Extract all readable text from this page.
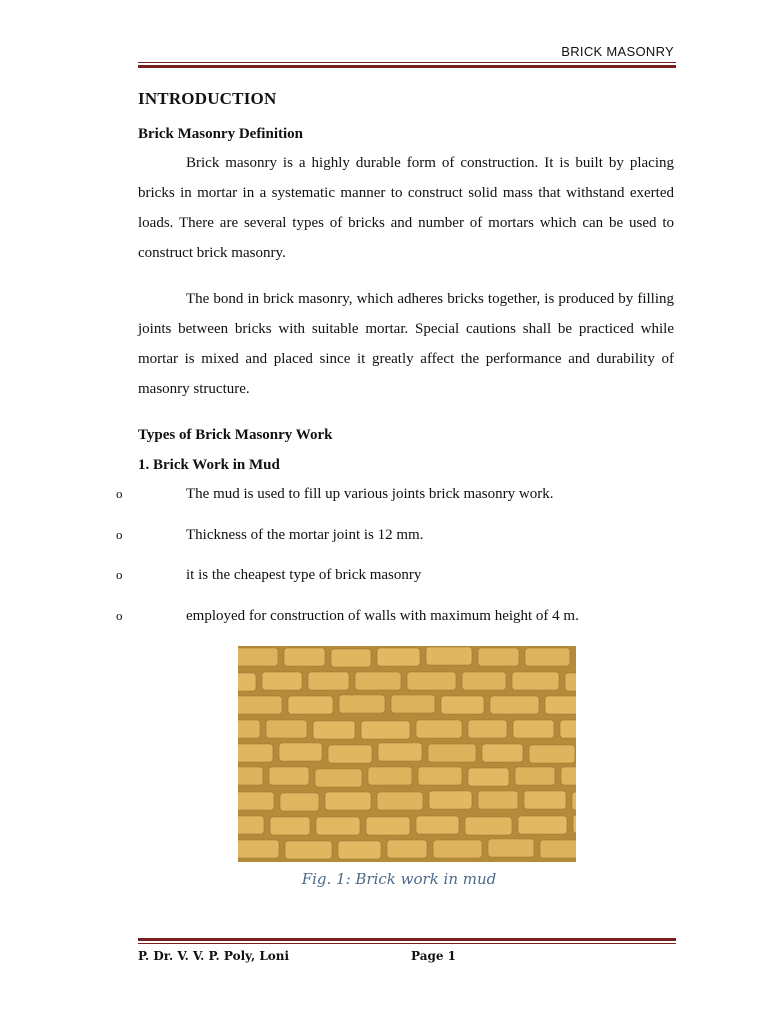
BRICK MASONRY
INTRODUCTION
Brick Masonry Definition

Brick masonry is a highly durable form of construction. It is built by placing bricks in mortar in a systematic manner to construct solid mass that withstand exerted loads. There are several types of bricks and number of mortars which can be used to construct brick masonry.

The bond in brick masonry, which adheres bricks together, is produced by filling joints between bricks with suitable mortar. Special cautions shall be practiced while mortar is mixed and placed since it greatly affect the performance and durability of masonry structure.

Types of Brick Masonry Work
1. Brick Work in Mud
o	The mud is used to fill up various joints brick masonry work.
o	Thickness of the mortar joint is 12 mm.
o	it is the cheapest type of brick masonry
o	employed for construction of walls with maximum height of 4 m.
Fig. 1: Brick work in mud
P. Dr. V. V. P. Poly, Loni	Page 1
